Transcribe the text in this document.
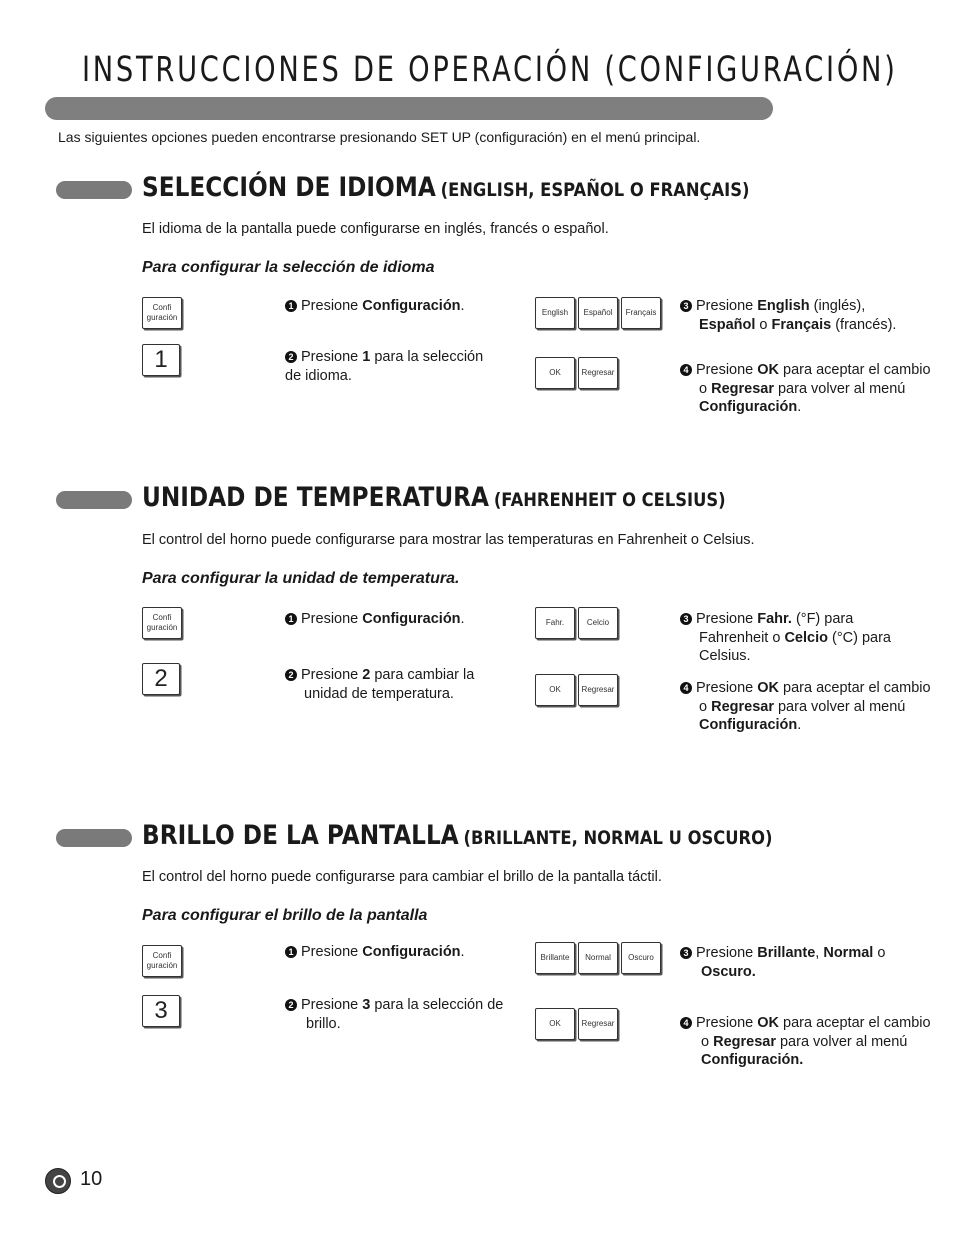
INSTRUCCIONES DE OPERACIÓN (CONFIGURACIÓN)
Las siguientes opciones pueden encontrarse presionando SET UP (configuración) en el menú principal.
SELECCIÓN DE IDIOMA (ENGLISH, ESPAÑOL O FRANÇAIS)
El idioma de la pantalla puede configurarse en inglés, francés o español.
Para configurar la selección de idioma
Confi
guración
1
1 Presione Configuración.
2 Presione 1 para la selección de idioma.
English	Español	Français
OK	Regresar
3 Presione English (inglés),
Español o Français (francés).
4 Presione OK para aceptar el cambio o Regresar para volver al menú Configuración.
UNIDAD DE TEMPERATURA (FAHRENHEIT O CELSIUS)
El control del horno puede configurarse para mostrar las temperaturas en Fahrenheit o Celsius.
Para configurar la unidad de temperatura.
Confi
guración
2
1 Presione Configuración.
2 Presione 2 para cambiar la unidad de temperatura.
Fahr.	Celcio
OK	Regresar
3 Presione Fahr. (°F) para Fahrenheit o Celcio (°C) para Celsius.
4 Presione OK para aceptar el cambio o Regresar para volver al menú Configuración.
BRILLO DE LA PANTALLA (BRILLANTE, NORMAL U OSCURO)
El control del horno puede configurarse para cambiar el brillo de la pantalla táctil.
Para configurar el brillo de la pantalla
Confi
guración
3
1 Presione Configuración.
2 Presione 3 para la selección de brillo.
Brillante	Normal	Oscuro
OK	Regresar
3 Presione Brillante, Normal o Oscuro.
4 Presione OK para aceptar el cambio o Regresar para volver al menú Configuración.
10
